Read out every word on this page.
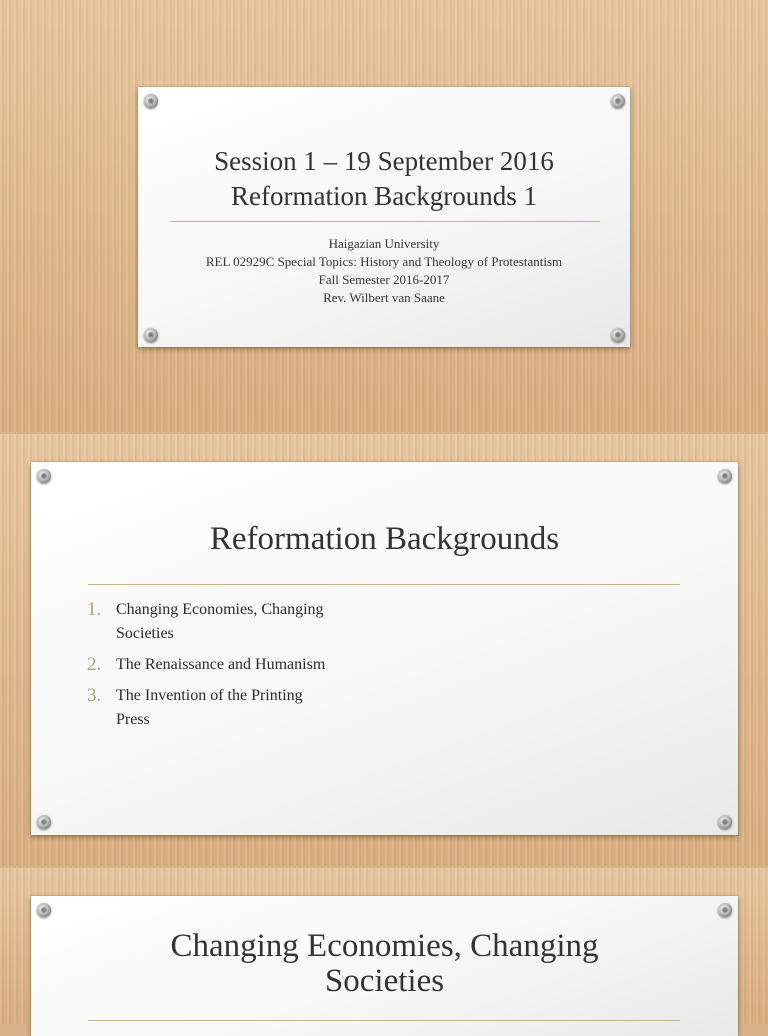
Session 1 – 19 September 2016
Reformation Backgrounds 1
Haigazian University
REL 02929C Special Topics: History and Theology of Protestantism
Fall Semester 2016-2017
Rev. Wilbert van Saane
Reformation Backgrounds
1. Changing Economies, Changing
Societies
2. The Renaissance and Humanism
3. The Invention of the Printing
Press
Changing Economies, Changing
Societies
